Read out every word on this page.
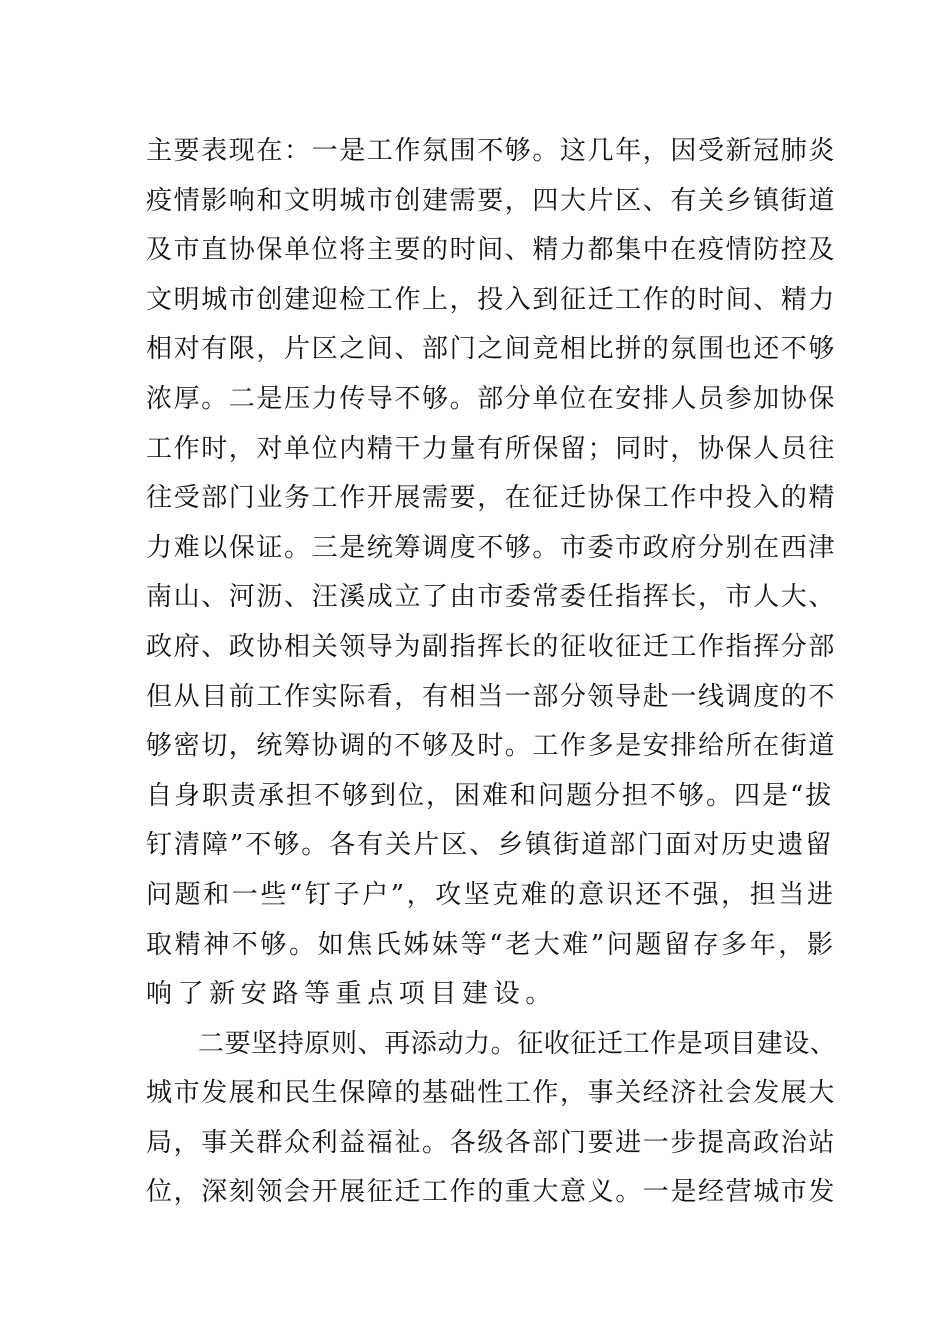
主要表现在：一是工作氛围不够。这几年，因受新冠肺炎
疫情影响和文明城市创建需要，四大片区、有关乡镇街道
及市直协保单位将主要的时间、精力都集中在疫情防控及
文明城市创建迎检工作上，投入到征迁工作的时间、精力
相对有限，片区之间、部门之间竞相比拼的氛围也还不够
浓厚。二是压力传导不够。部分单位在安排人员参加协保
工作时，对单位内精干力量有所保留；同时，协保人员往
往受部门业务工作开展需要，在征迁协保工作中投入的精
力难以保证。三是统筹调度不够。市委市政府分别在西津
南山、河沥、汪溪成立了由市委常委任指挥长，市人大、
政府、政协相关领导为副指挥长的征收征迁工作指挥分部
但从目前工作实际看，有相当一部分领导赴一线调度的不
够密切，统筹协调的不够及时。工作多是安排给所在街道
自身职责承担不够到位，困难和问题分担不够。四是“拔
钉清障”不够。各有关片区、乡镇街道部门面对历史遗留
问题和一些“钉子户”，攻坚克难的意识还不强，担当进
取精神不够。如焦氏姊妹等“老大难”问题留存多年，影
响了新安路等重点项目建设。
二要坚持原则、再添动力。征收征迁工作是项目建设、
城市发展和民生保障的基础性工作，事关经济社会发展大
局，事关群众利益福祉。各级各部门要进一步提高政治站
位，深刻领会开展征迁工作的重大意义。一是经营城市发
